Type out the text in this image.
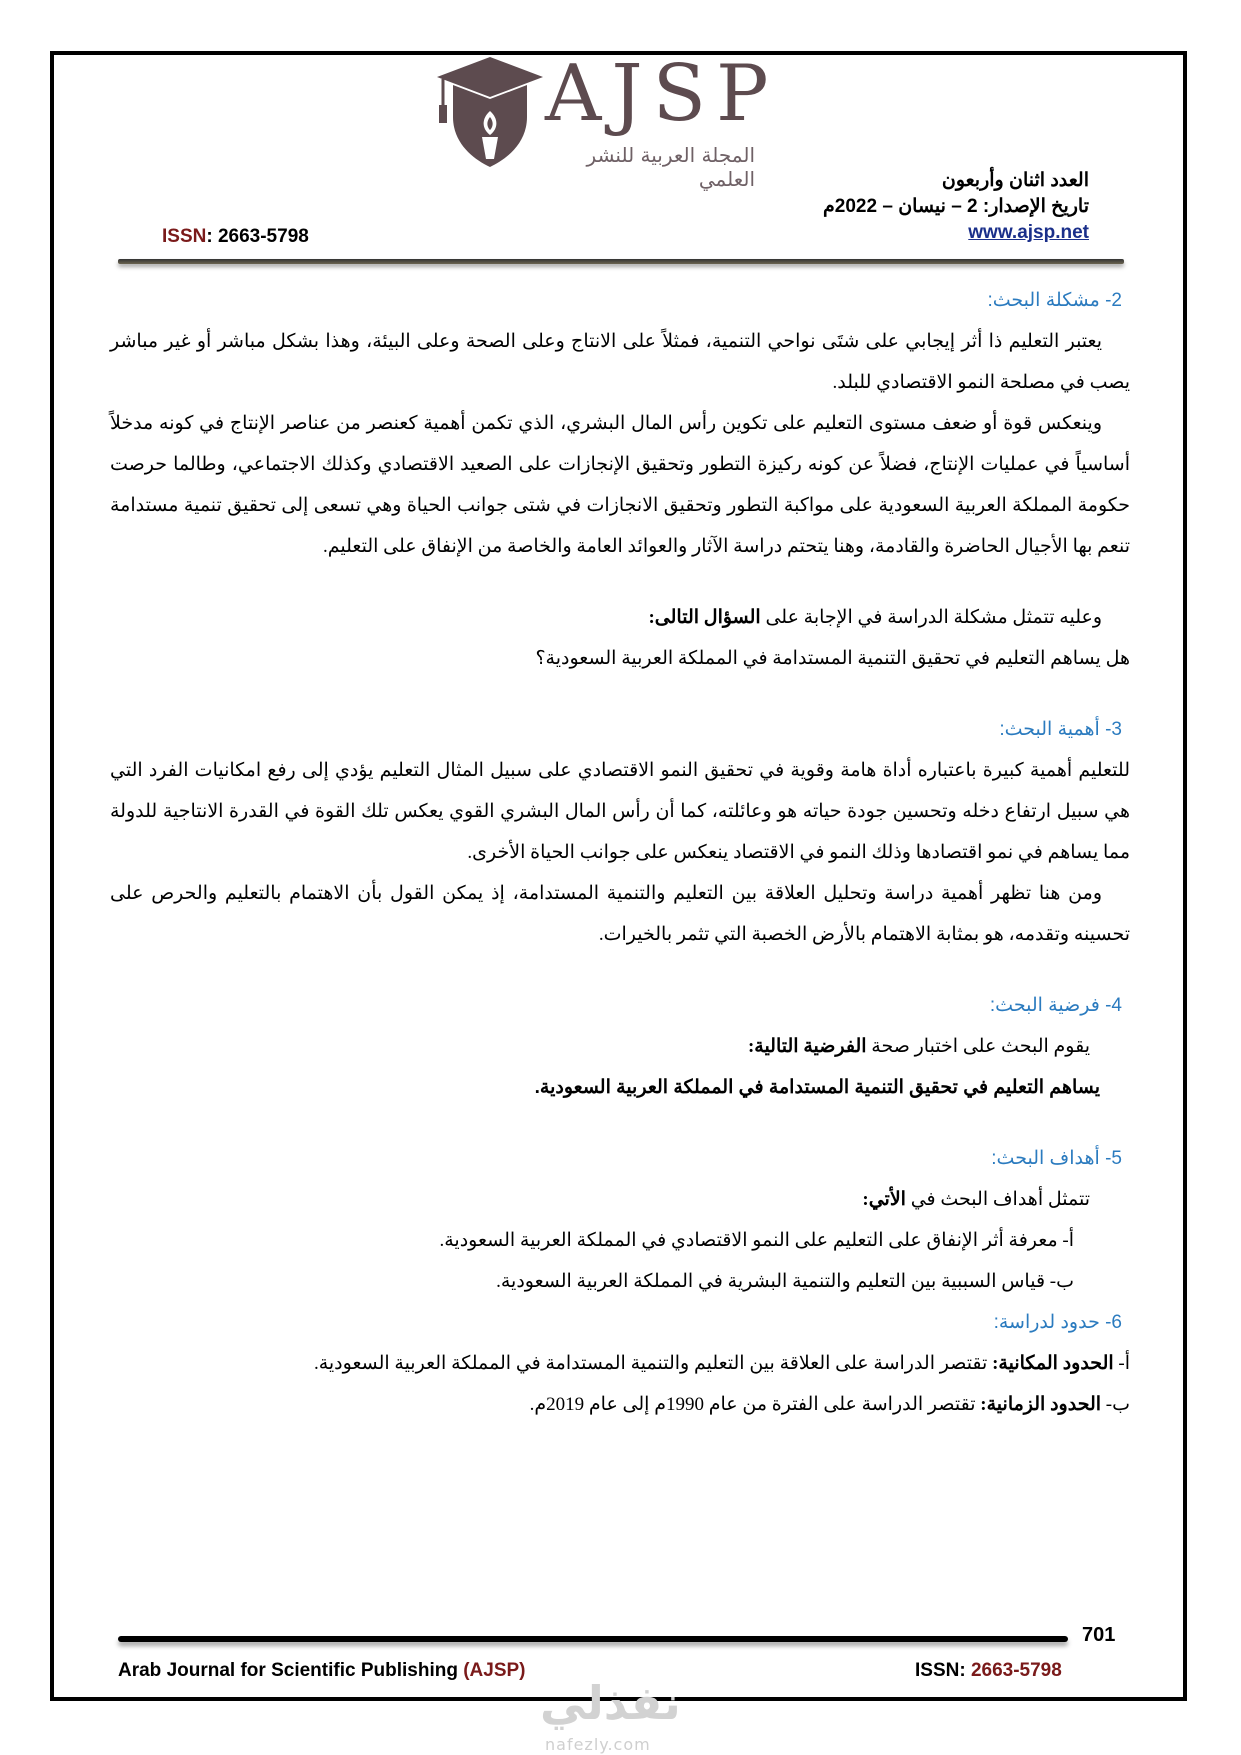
AJSP
المجلة العربية للنشر العلمي	العدد اثنان وأربعون
تاريخ الإصدار: 2 – نيسان – 2022م
www.ajsp.net
ISSN: 2663-5798
2- مشكلة البحث:

يعتبر التعليم ذا أثر إيجابي على شتَى نواحي التنمية، فمثلاً على الانتاج وعلى الصحة وعلى البيئة، وهذا بشكل مباشر أو غير مباشر يصب في مصلحة النمو الاقتصادي للبلد.

وينعكس قوة أو ضعف مستوى التعليم على تكوين رأس المال البشري، الذي تكمن أهمية كعنصر من عناصر الإنتاج في كونه مدخلاً أساسياً في عمليات الإنتاج، فضلاً عن كونه ركيزة التطور وتحقيق الإنجازات على الصعيد الاقتصادي وكذلك الاجتماعي، وطالما حرصت حكومة المملكة العربية السعودية على مواكبة التطور وتحقيق الانجازات في شتى جوانب الحياة وهي تسعى إلى تحقيق تنمية مستدامة تنعم بها الأجيال الحاضرة والقادمة، وهنا يتحتم دراسة الآثار والعوائد العامة والخاصة من الإنفاق على التعليم.

وعليه تتمثل مشكلة الدراسة في الإجابة على السؤال التالى:

هل يساهم التعليم في تحقيق التنمية المستدامة في المملكة العربية السعودية؟

3- أهمية البحث:

للتعليم أهمية كبيرة باعتباره أداة هامة وقوية في تحقيق النمو الاقتصادي على سبيل المثال التعليم يؤدي إلى رفع امكانيات الفرد التي هي سبيل ارتفاع دخله وتحسين جودة حياته هو وعائلته، كما أن رأس المال البشري القوي يعكس تلك القوة في القدرة الانتاجية للدولة مما يساهم في نمو اقتصادها وذلك النمو في الاقتصاد ينعكس على جوانب الحياة الأخرى.

ومن هنا تظهر أهمية دراسة وتحليل العلاقة بين التعليم والتنمية المستدامة، إذ يمكن القول بأن الاهتمام بالتعليم والحرص على تحسينه وتقدمه، هو بمثابة الاهتمام بالأرض الخصبة التي تثمر بالخيرات.

4- فرضية البحث:

يقوم البحث على اختبار صحة الفرضية التالية:

يساهم التعليم في تحقيق التنمية المستدامة في المملكة العربية السعودية.

5- أهداف البحث:

تتمثل أهداف البحث في الأتي:

أ- معرفة أثر الإنفاق على التعليم على النمو الاقتصادي في المملكة العربية السعودية.

ب- قياس السببية بين التعليم والتنمية البشرية في المملكة العربية السعودية.

6- حدود لدراسة:

أ- الحدود المكانية: تقتصر الدراسة على العلاقة بين التعليم والتنمية المستدامة في المملكة العربية السعودية.

ب- الحدود الزمانية: تقتصر الدراسة على الفترة من عام 1990م إلى عام 2019م.

701
Arab Journal for Scientific Publishing (AJSP)	ISSN: 2663-5798
نفذلي
nafezly.com
